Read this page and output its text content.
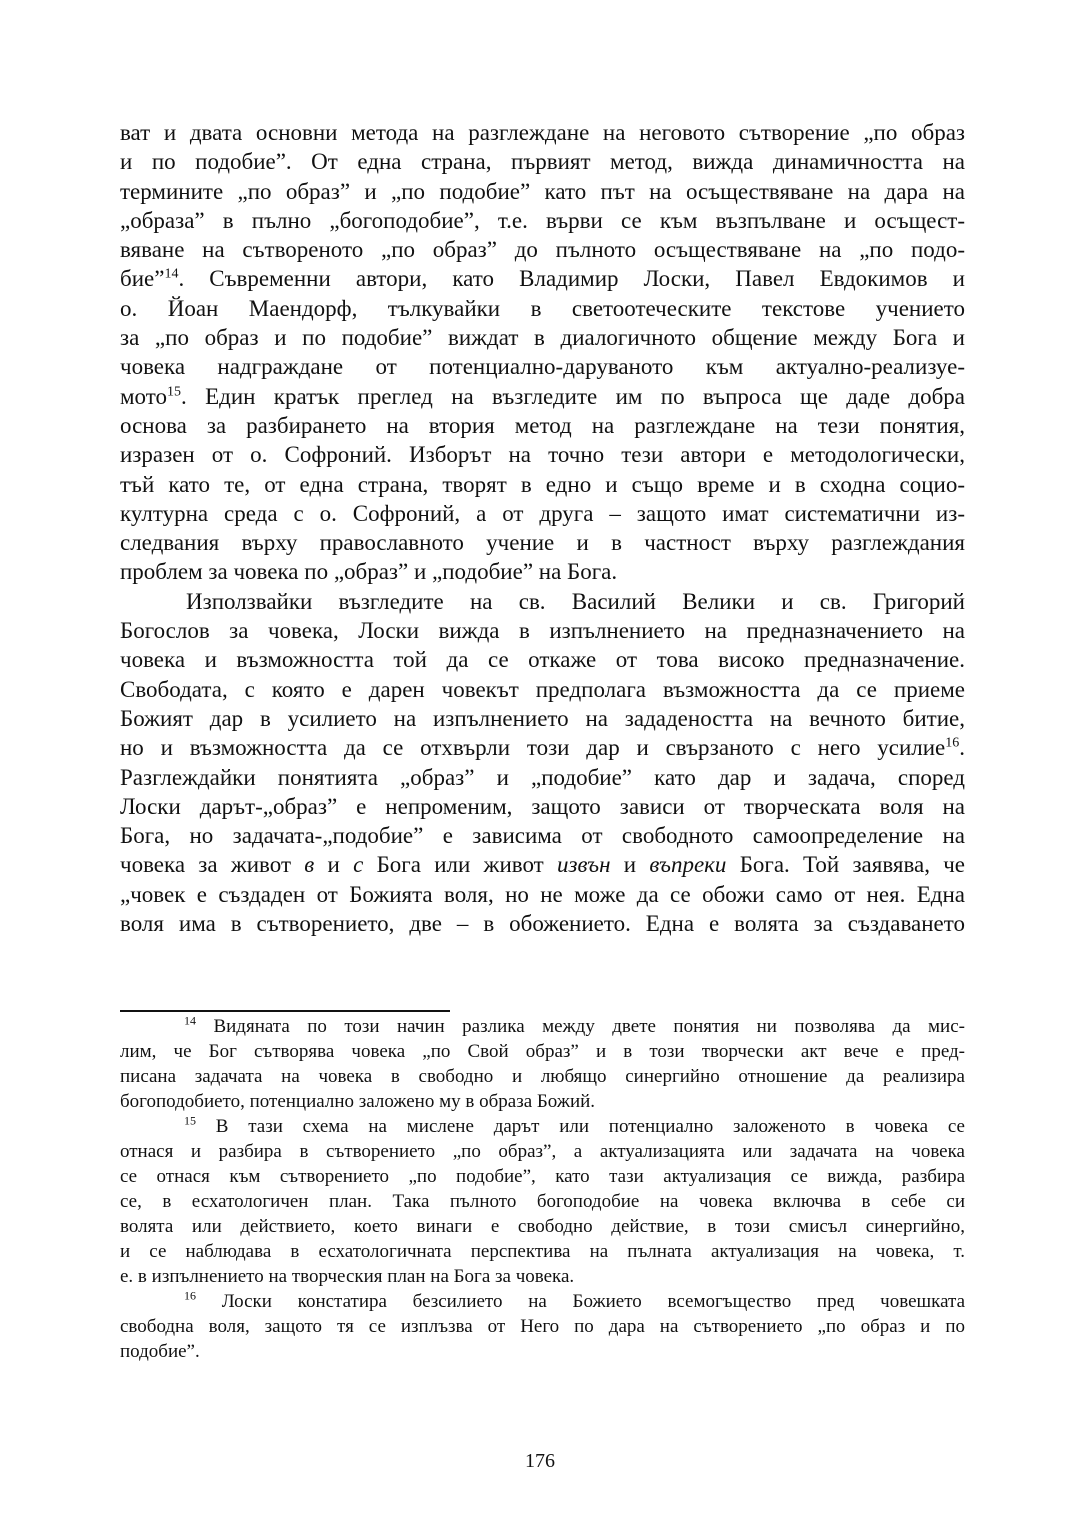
ват и двата основни метода на разглеждане на неговото сътворение „по образ
и по подобие”. От една страна, първият метод, вижда динамичността на
термините „по образ” и „по подобие” като път на осъществяване на дара на
„образа” в пълно „богоподобие”, т.е. върви се към възпълване и осъщест-
вяване на сътвореното „по образ” до пълното осъществяване на „по подо-
бие”$^{14}$. Съвременни автори, като Владимир Лоски, Павел Евдокимов и
о. Йоан Маендорф, тълкувайки в светоотеческите текстове учението
за „по образ и по подобие” виждат в диалогичното общение между Бога и
човека надграждане от потенциално-даруваното към актуално-реализуе-
мото$^{15}$. Един кратък преглед на възгледите им по въпроса ще даде добра
основа за разбирането на втория метод на разглеждане на тези понятия,
изразен от о. Софроний. Изборът на точно тези автори е методологически,
тъй като те, от една страна, творят в едно и също време и в сходна социо-
културна среда с о. Софроний, а от друга – защото имат систематични из-
следвания върху православното учение и в частност върху разглеждания
проблем за човека по „образ” и „подобие” на Бога.
Използвайки възгледите на св. Василий Велики и св. Григорий
Богослов за човека, Лоски вижда в изпълнението на предназначението на
човека и възможността той да се откаже от това високо предназначение.
Свободата, с която е дарен човекът предполага възможността да се приеме
Божият дар в усилието на изпълнението на зададеността на вечното битие,
но и възможността да се отхвърли този дар и свързаното с него усилие$^{16}$.
Разглеждайки понятията „образ” и „подобие” като дар и задача, според
Лоски дарът-„образ” е непроменим, защото зависи от творческата воля на
Бога, но задачата-„подобие” е зависима от свободното самоопределение на
човека за живот в и с Бога или живот извън и въпреки Бога. Той заявява, че
„човек е създаден от Божията воля, но не може да се обожи само от нея. Една
воля има в сътворението, две – в обожението. Една е волята за създаването
$^{14}$ Видяната по този начин разлика между двете понятия ни позволява да мис-
лим, че Бог сътворява човека „по Свой образ” и в този творчески акт вече е пред-
писана задачата на човека в свободно и любящо синергийно отношение да реализира
богоподобието, потенциално заложено му в образа Божий.
$^{15}$ В тази схема на мислене дарът или потенциално заложеното в човека се
отнася и разбира в сътворението „по образ”, а актуализацията или задачата на човека
се отнася към сътворението „по подобие”, като тази актуализация се вижда, разбира
се, в есхатологичен план. Така пълното богоподобие на човека включва в себе си
волята или действието, което винаги е свободно действие, в този смисъл синергийно,
и се наблюдава в есхатологичната перспектива на пълната актуализация на човека, т.
е. в изпълнението на творческия план на Бога за човека.
$^{16}$ Лоски констатира безсилието на Божието всемогъщество пред човешката
свободна воля, защото тя се изплъзва от Него по дара на сътворението „по образ и по
подобие”.
176
